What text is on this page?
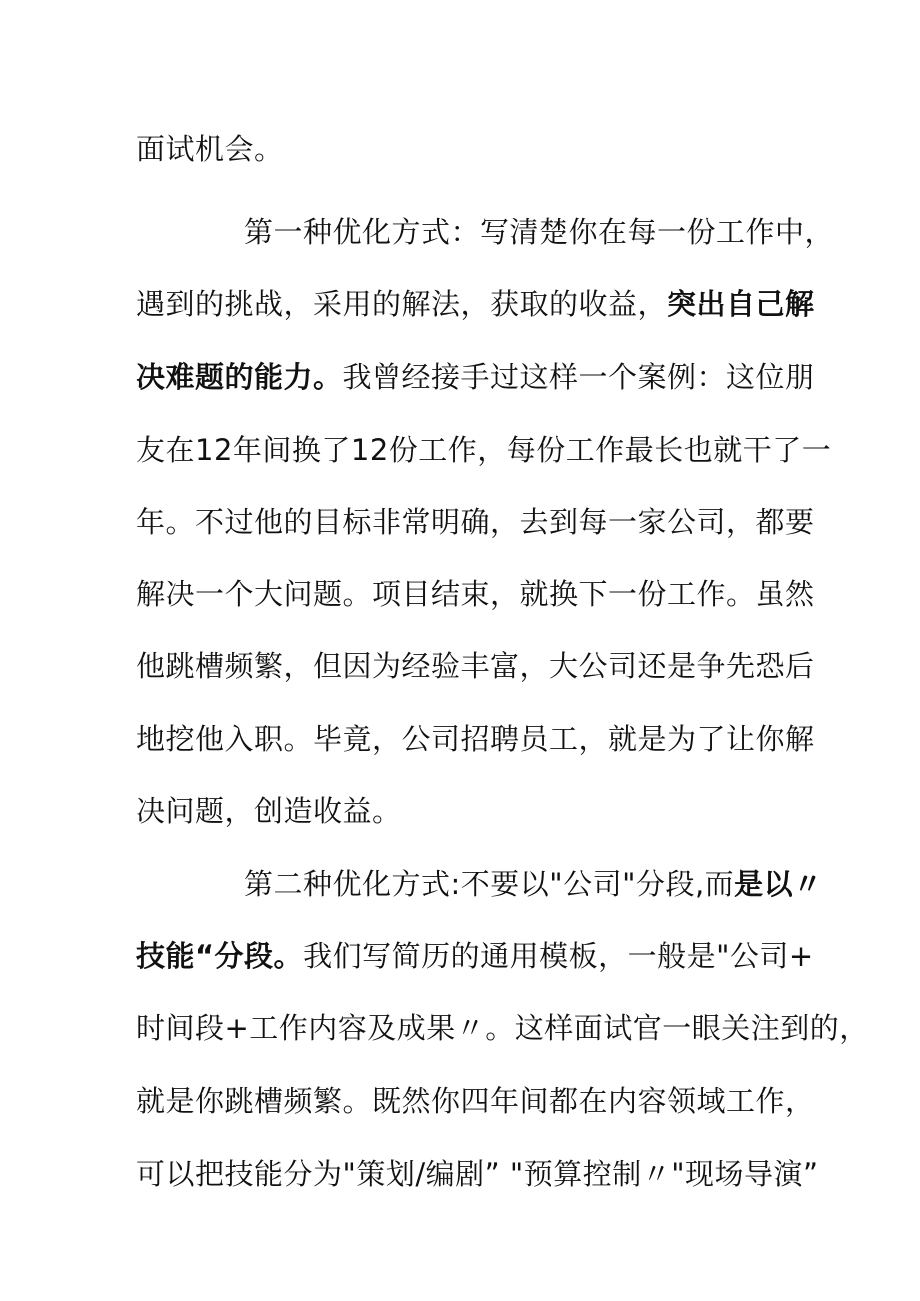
面试机会。
第一种优化方式：写清楚你在每一份工作中，
遇到的挑战，采用的解法，获取的收益，突出自己解
决难题的能力。我曾经接手过这样一个案例：这位朋
友在12年间换了12份工作，每份工作最长也就干了一
年。不过他的目标非常明确，去到每一家公司，都要
解决一个大问题。项目结束，就换下一份工作。虽然
他跳槽频繁，但因为经验丰富，大公司还是争先恐后
地挖他入职。毕竟，公司招聘员工，就是为了让你解
决问题，创造收益。
第二种优化方式:不要以"公司"分段,而是以〃
技能“分段。我们写简历的通用模板，一般是"公司+
时间段+工作内容及成果〃。这样面试官一眼关注到的，
就是你跳槽频繁。既然你四年间都在内容领域工作，
可以把技能分为"策划/编剧” "预算控制〃"现场导演”
